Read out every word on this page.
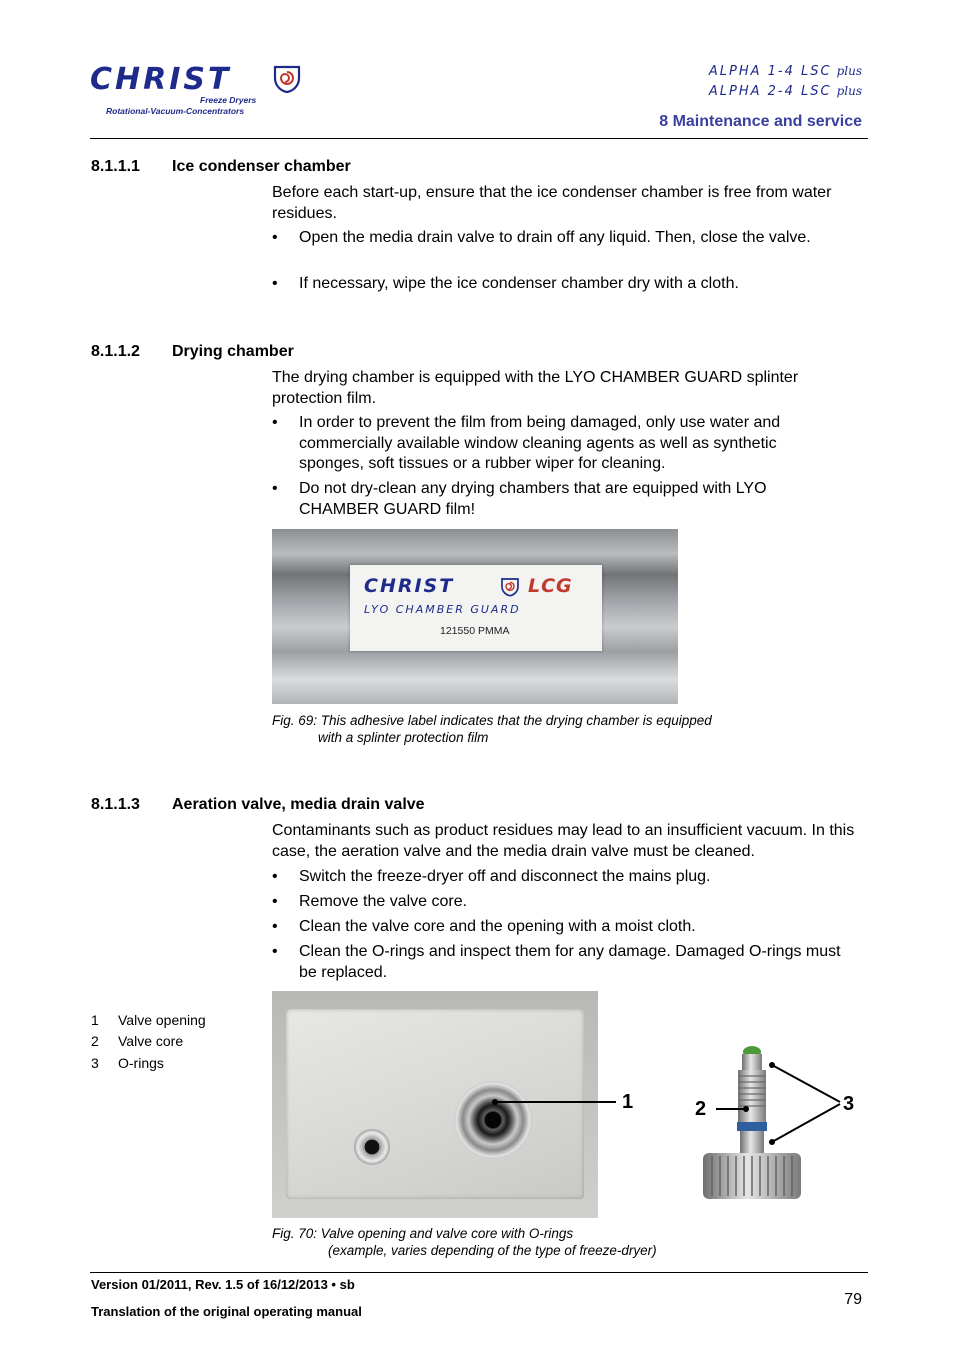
CHRIST
Freeze Dryers
Rotational-Vacuum-Concentrators
ALPHA 1-4 LSC plus
ALPHA 2-4 LSC plus
8 Maintenance and service
8.1.1.1 Ice condenser chamber
Before each start-up, ensure that the ice condenser chamber is free from water residues.
• Open the media drain valve to drain off any liquid. Then, close the valve.
• If necessary, wipe the ice condenser chamber dry with a cloth.
8.1.1.2 Drying chamber
The drying chamber is equipped with the LYO CHAMBER GUARD splinter protection film.
• In order to prevent the film from being damaged, only use water and commercially available window cleaning agents as well as synthetic sponges, soft tissues or a rubber wiper for cleaning.
• Do not dry-clean any drying chambers that are equipped with LYO CHAMBER GUARD film!
CHRIST	LCG
LYO CHAMBER GUARD
121550 PMMA
Fig. 69: This adhesive label indicates that the drying chamber is equipped
with a splinter protection film
8.1.1.3 Aeration valve, media drain valve
Contaminants such as product residues may lead to an insufficient vacuum. In this case, the aeration valve and the media drain valve must be cleaned.
• Switch the freeze-dryer off and disconnect the mains plug.
• Remove the valve core.
• Clean the valve core and the opening with a moist cloth.
• Clean the O-rings and inspect them for any damage. Damaged O-rings must be replaced.
1 Valve opening
2 Valve core
3 O-rings
1	2	3
Fig. 70: Valve opening and valve core with O-rings
(example, varies depending of the type of freeze-dryer)
Version 01/2011, Rev. 1.5 of 16/12/2013 • sb
Translation of the original operating manual
79
